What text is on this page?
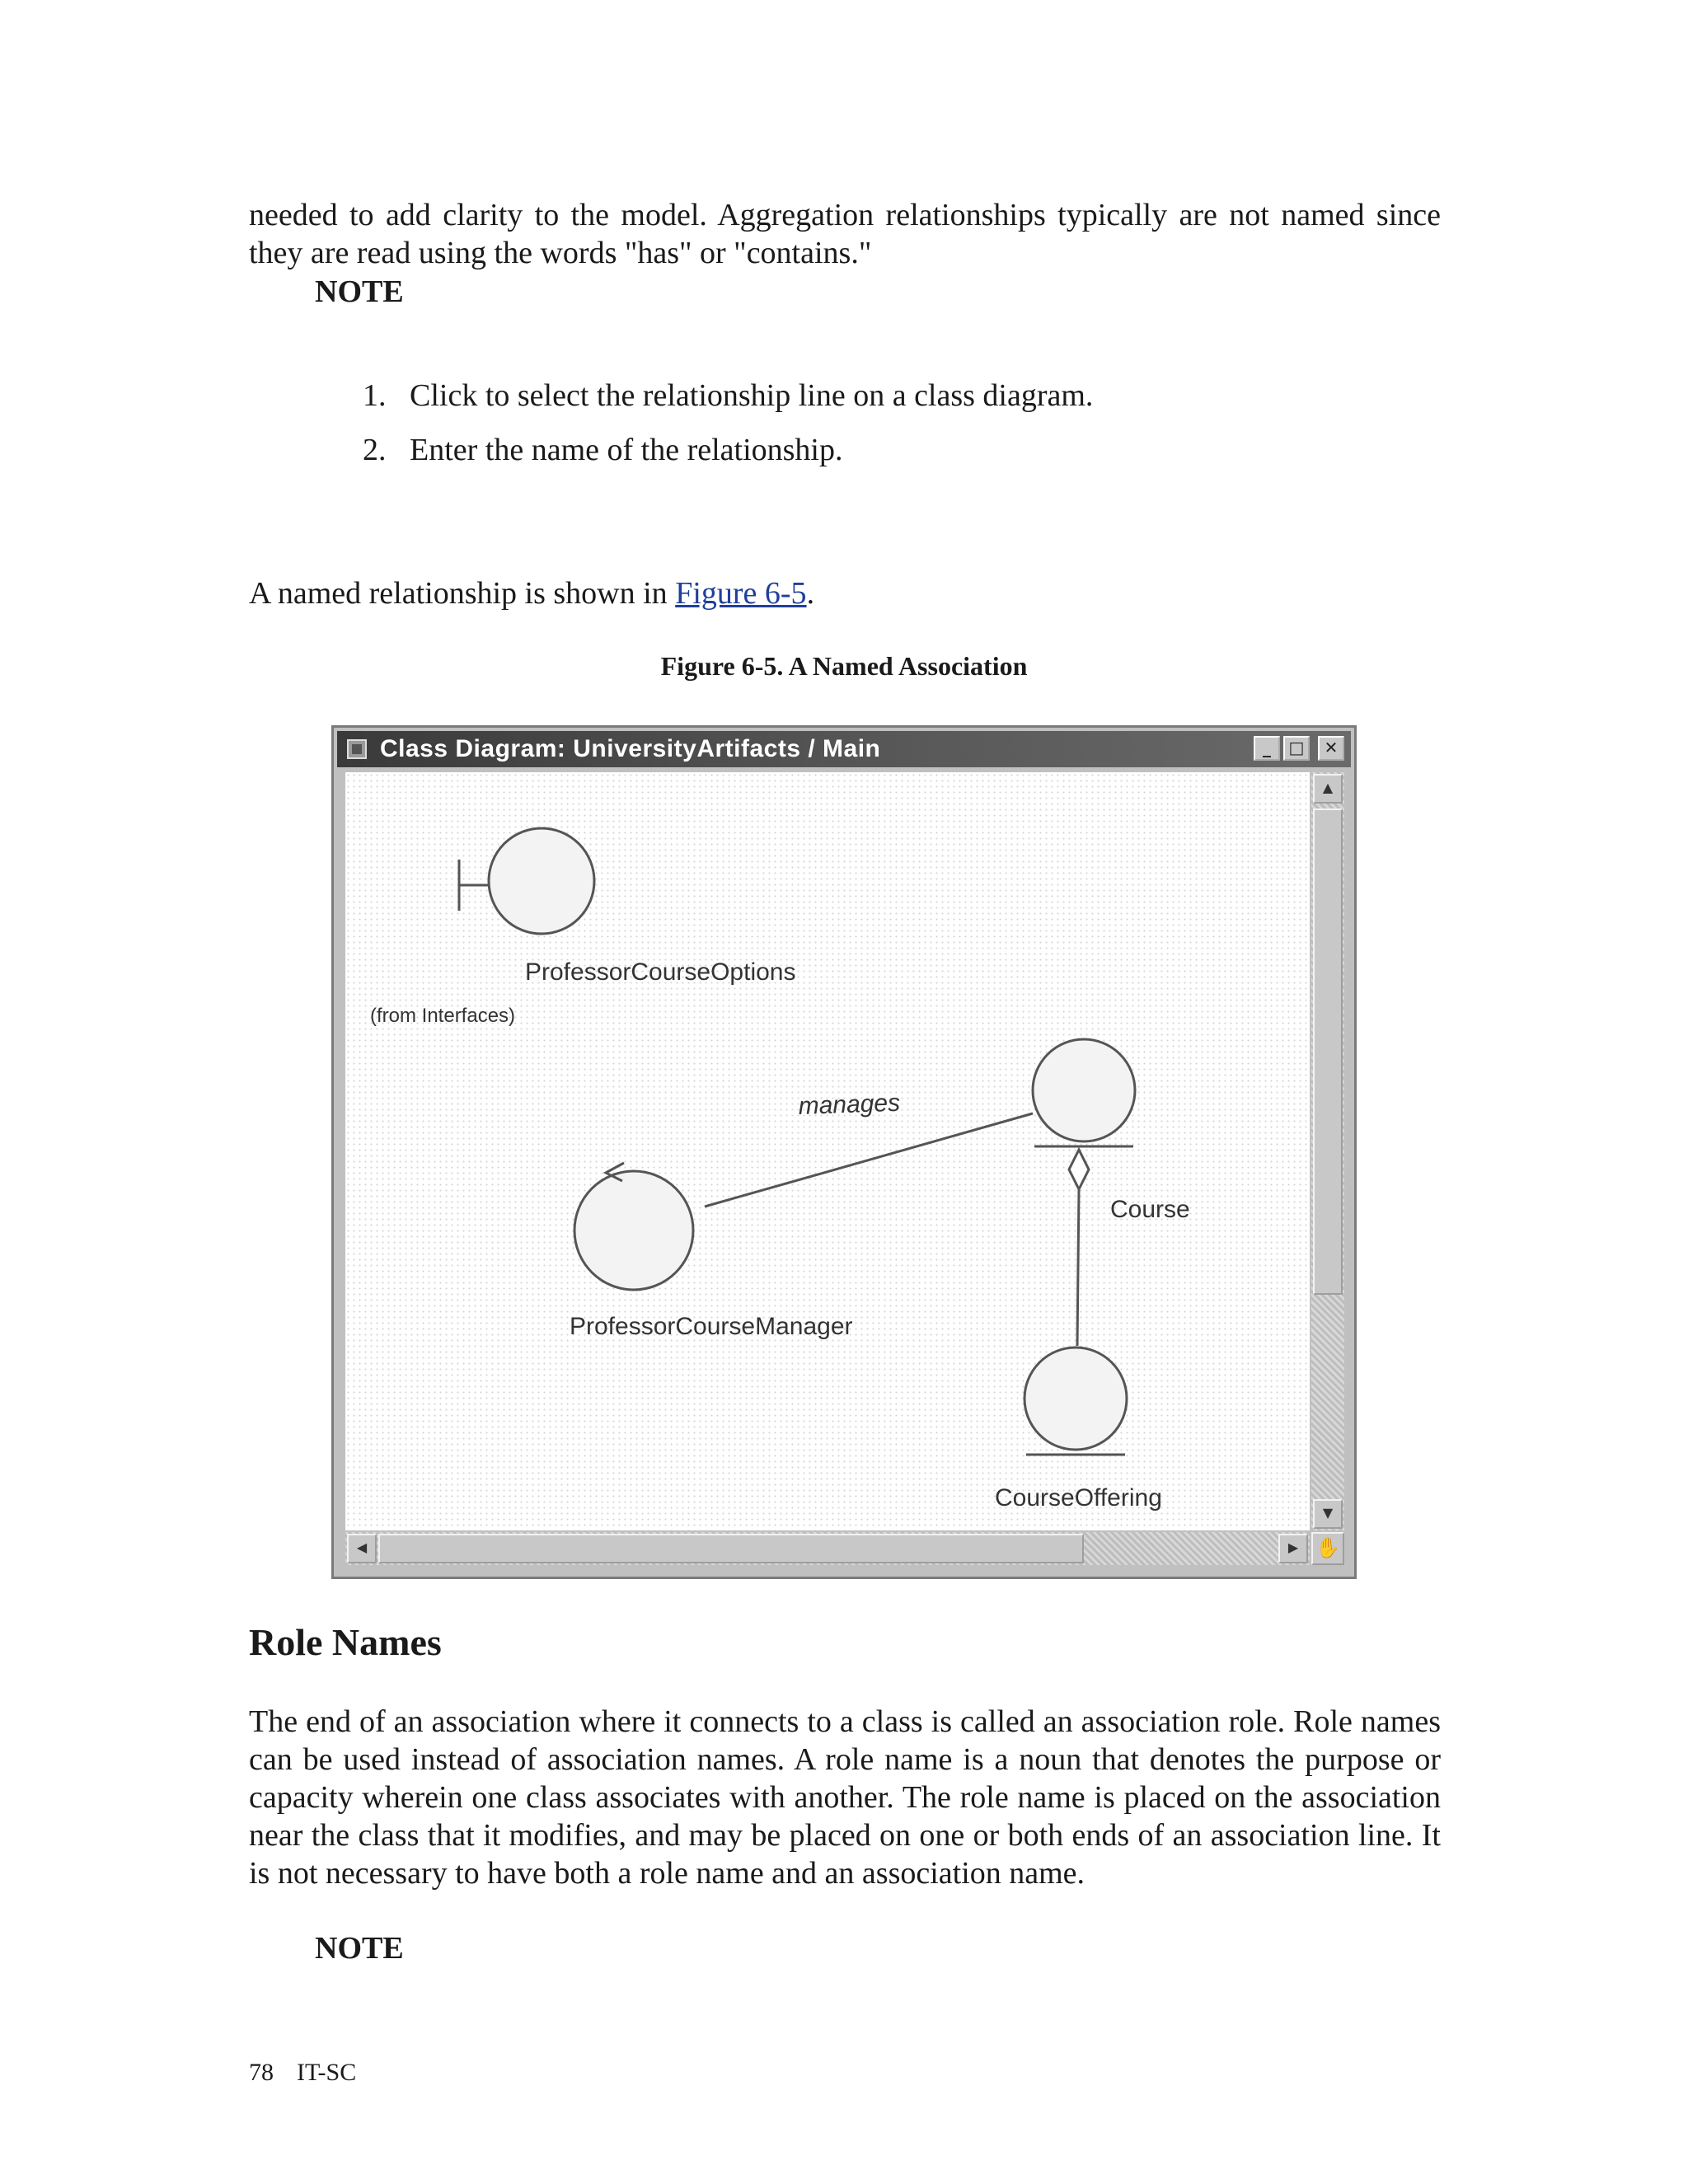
needed to add clarity to the model. Aggregation relationships typically are not named since they are read using the words "has" or "contains."

NOTE
1. Click to select the relationship line on a class diagram.
2. Enter the name of the relationship.
A named relationship is shown in Figure 6-5.
Figure 6-5. A Named Association
Class Diagram: UniversityArtifacts / Main	_	□	✕
ProfessorCourseOptions
(from Interfaces)
manages
ProfessorCourseManager
Course
CourseOffering
▲
▼
◀	▶ ✋
Role Names

The end of an association where it connects to a class is called an association role. Role names can be used instead of association names. A role name is a noun that denotes the purpose or capacity wherein one class associates with another. The role name is placed on the association near the class that it modifies, and may be placed on one or both ends of an association line. It is not necessary to have both a role name and an association name.

NOTE
78 IT-SC
